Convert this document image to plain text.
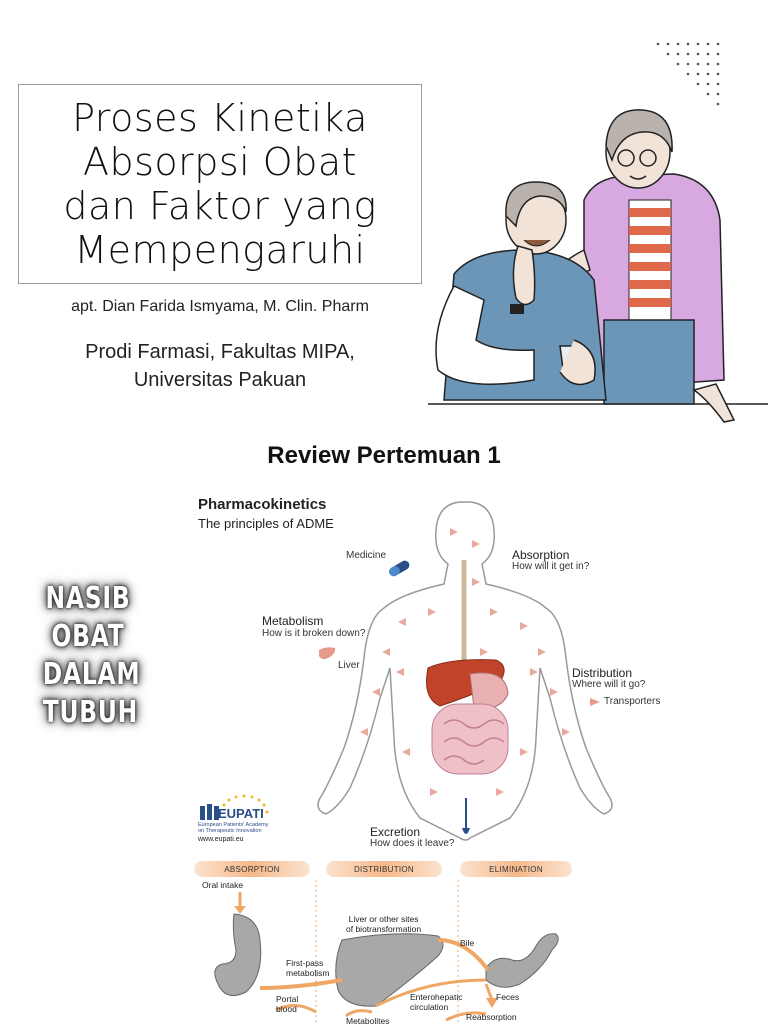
Proses Kinetika
Absorpsi Obat
dan Faktor yang
Mempengaruhi
apt. Dian Farida Ismyama, M. Clin. Pharm
Prodi Farmasi, Fakultas MIPA,
Universitas Pakuan
Review Pertemuan 1
NASIB
OBAT
DALAM
TUBUH
Pharmacokinetics
The principles of ADME
Medicine	Absorption
How will it get in?
Metabolism
How is it broken down?
Liver
Distribution
Where will it go?
Transporters
Excretion
How does it leave?
EUPATI
European Patients' Academy
on Therapeutic Innovation
www.eupati.eu
ABSORPTION	DISTRIBUTION	ELIMINATION
Oral intake
Liver or other sites
of biotransformation
First-pass
metabolism
Bile
Portal
blood
Enterohepatic
circulation
Feces
Metabolites	Reabsorption
